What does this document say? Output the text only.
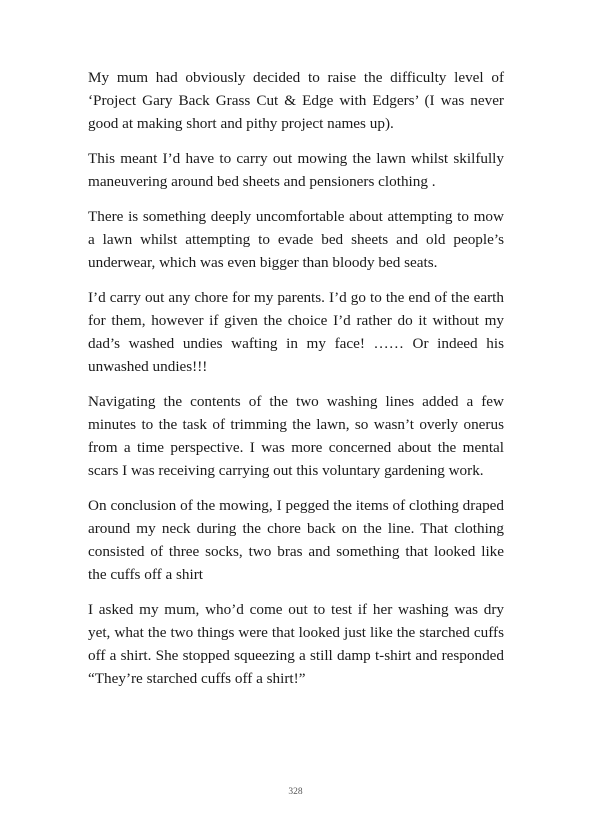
My mum had obviously decided to raise the difficulty level of ‘Project Gary Back Grass Cut & Edge with Edgers’ (I was never good at making short and pithy project names up).

This meant I’d have to carry out mowing the lawn whilst skilfully maneuvering around bed sheets and pensioners clothing .

There is something deeply uncomfortable about attempting to mow a lawn whilst attempting to evade bed sheets and old people’s underwear, which was even bigger than bloody bed seats.

I’d carry out any chore for my parents. I’d go to the end of the earth for them, however if given the choice I’d rather do it without my dad’s washed undies wafting in my face! …… Or indeed his unwashed undies!!!

Navigating the contents of the two washing lines added a few minutes to the task of trimming the lawn, so wasn’t overly onerus from a time perspective. I was more concerned about the mental scars I was receiving carrying out this voluntary gardening work.

On conclusion of the mowing, I pegged the items of clothing draped around my neck during the chore back on the line. That clothing consisted of three socks, two bras and something that looked like the cuffs off a shirt

I asked my mum, who’d come out to test if her washing was dry yet, what the two things were that looked just like the starched cuffs off a shirt. She stopped squeezing a still damp t-shirt and responded “They’re starched cuffs off a shirt!”

328
